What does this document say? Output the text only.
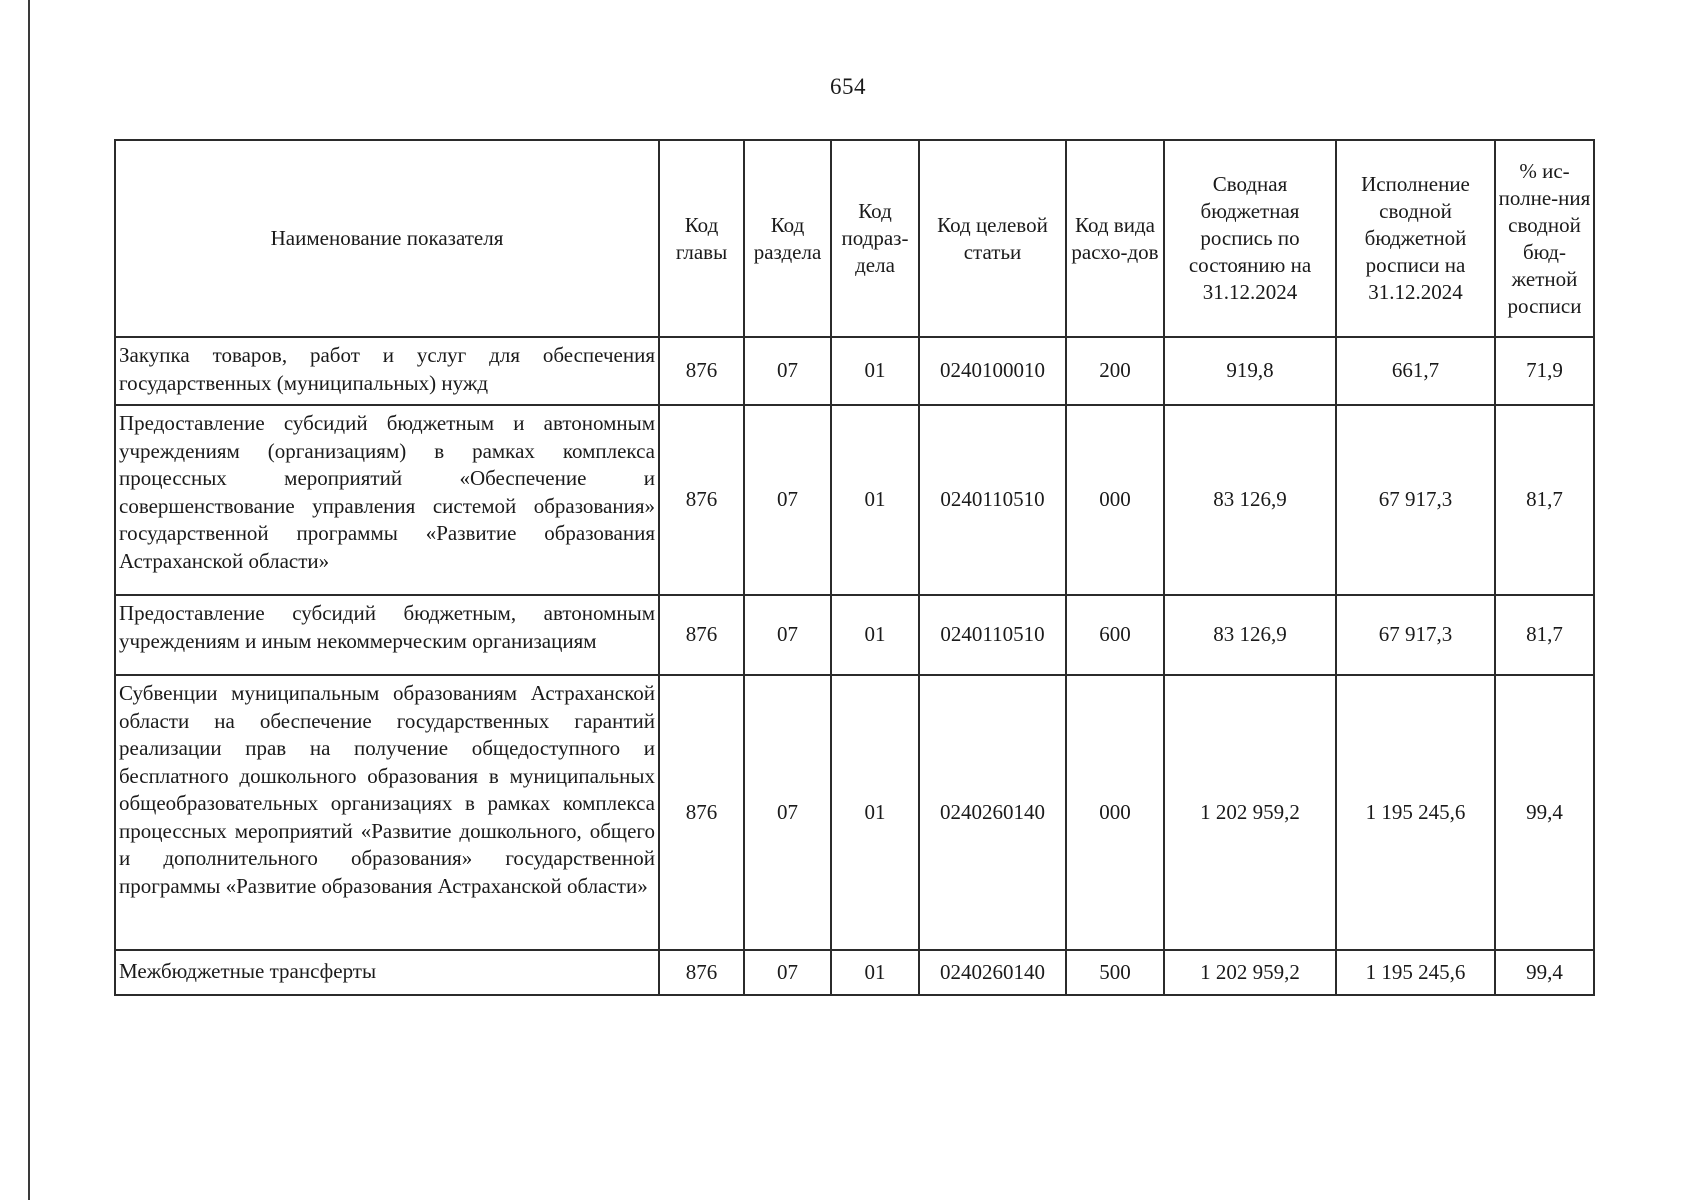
654
Наименование показателя	Код главы	Код раздела	Код подраз-дела	Код целевой статьи	Код вида расхо-дов	Сводная бюджетная роспись по состоянию на 31.12.2024	Исполнение сводной бюджетной росписи на 31.12.2024	% ис-полне-ния сводной бюд-жетной росписи
Закупка товаров, работ и услуг для обеспечения государственных (муниципальных) нужд	876	07	01	0240100010	200	919,8	661,7	71,9
Предоставление субсидий бюджетным и автономным учреждениям (организациям) в рамках комплекса процессных мероприятий «Обеспечение и совершенствование управления системой образования» государственной программы «Развитие образования Астраханской области»	876	07	01	0240110510	000	83 126,9	67 917,3	81,7
Предоставление субсидий бюджетным, автономным учреждениям и иным некоммерческим организациям	876	07	01	0240110510	600	83 126,9	67 917,3	81,7
Субвенции муниципальным образованиям Астраханской области на обеспечение государственных гарантий реализации прав на получение общедоступного и бесплатного дошкольного образования в муниципальных общеобразовательных организациях в рамках комплекса процессных мероприятий «Развитие дошкольного, общего и дополнительного образования» государственной программы «Развитие образования Астраханской области»	876	07	01	0240260140	000	1 202 959,2	1 195 245,6	99,4
Межбюджетные трансферты	876	07	01	0240260140	500	1 202 959,2	1 195 245,6	99,4
